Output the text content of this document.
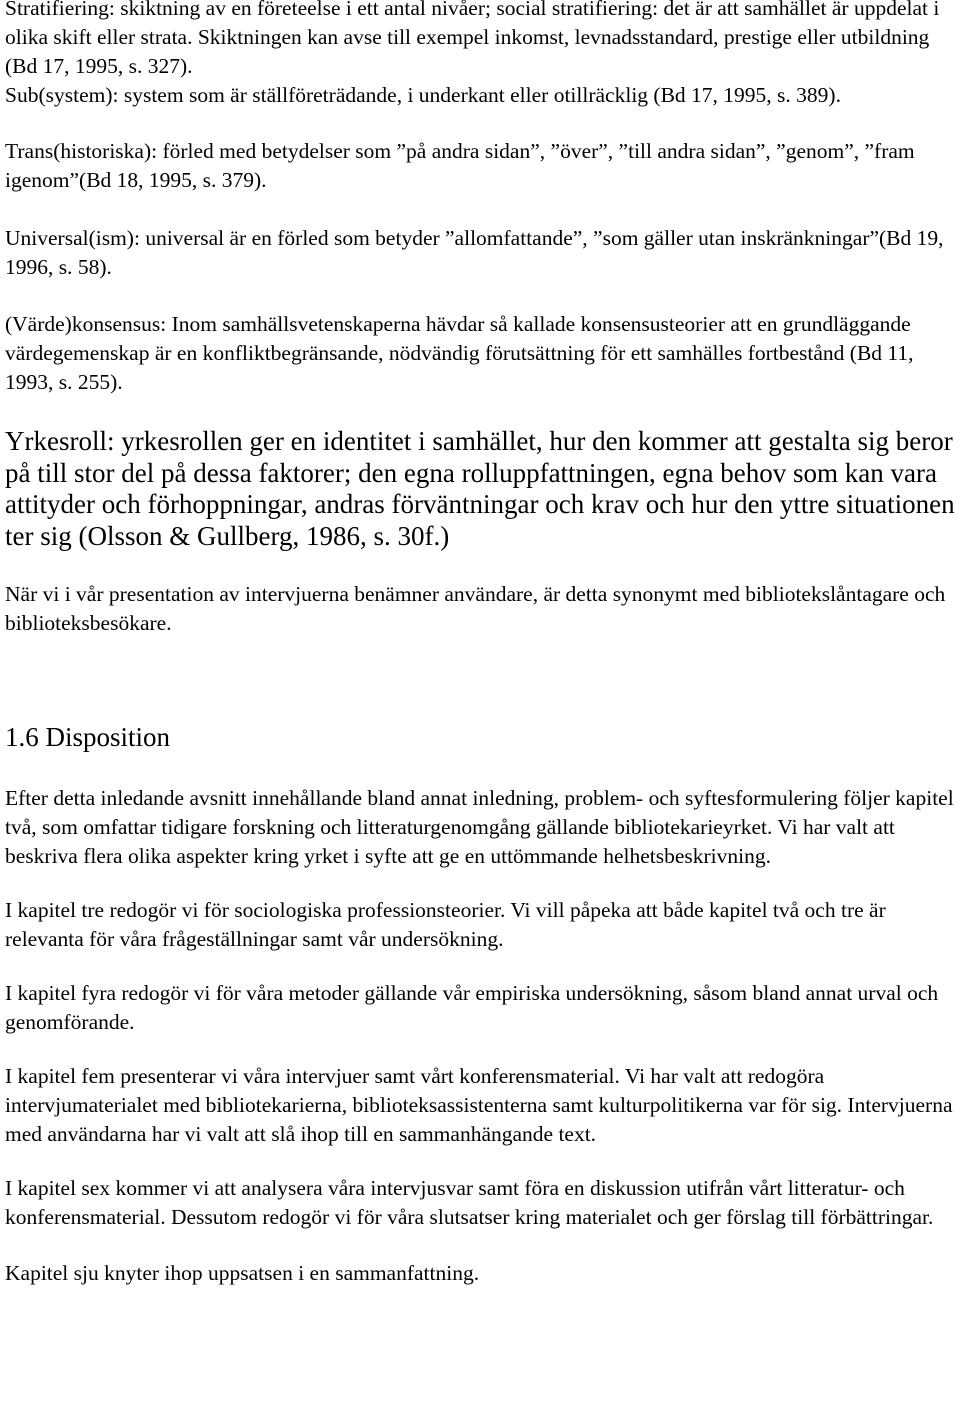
Stratifiering: skiktning av en företeelse i ett antal nivåer; social stratifiering: det är att samhället är uppdelat i olika skift eller strata. Skiktningen kan avse till exempel inkomst, levnadsstandard, prestige eller utbildning (Bd 17, 1995, s. 327).

Sub(system): system som är ställföreträdande, i underkant eller otillräcklig (Bd 17, 1995, s. 389).

Trans(historiska): förled med betydelser som ”på andra sidan”, ”över”, ”till andra sidan”, ”genom”, ”fram igenom”(Bd 18, 1995, s. 379).

Universal(ism): universal är en förled som betyder ”allomfattande”, ”som gäller utan inskränkningar”(Bd 19, 1996, s. 58).

(Värde)konsensus: Inom samhällsvetenskaperna hävdar så kallade konsensusteorier att en grundläggande värdegemenskap är en konfliktbegränsande, nödvändig förutsättning för ett samhälles fortbestånd (Bd 11, 1993, s. 255).

Yrkesroll: yrkesrollen ger en identitet i samhället, hur den kommer att gestalta sig beror på till stor del på dessa faktorer; den egna rolluppfattningen, egna behov som kan vara attityder och förhoppningar, andras förväntningar och krav och hur den yttre situationen ter sig (Olsson & Gullberg, 1986, s. 30f.)

När vi i vår presentation av intervjuerna benämner användare, är detta synonymt med bibliotekslåntagare och biblioteksbesökare.

1.6 Disposition

Efter detta inledande avsnitt innehållande bland annat inledning, problem- och syftesformulering följer kapitel två, som omfattar tidigare forskning och litteraturgenomgång gällande bibliotekarieyrket. Vi har valt att beskriva flera olika aspekter kring yrket i syfte att ge en uttömmande helhetsbeskrivning.

I kapitel tre redogör vi för sociologiska professionsteorier. Vi vill påpeka att både kapitel två och tre är relevanta för våra frågeställningar samt vår undersökning.

I kapitel fyra redogör vi för våra metoder gällande vår empiriska undersökning, såsom bland annat urval och genomförande.

I kapitel fem presenterar vi våra intervjuer samt vårt konferensmaterial. Vi har valt att redogöra intervjumaterialet med bibliotekarierna, biblioteksassistenterna samt kulturpolitikerna var för sig. Intervjuerna med användarna har vi valt att slå ihop till en sammanhängande text.

I kapitel sex kommer vi att analysera våra intervjusvar samt föra en diskussion utifrån vårt litteratur- och konferensmaterial. Dessutom redogör vi för våra slutsatser kring materialet och ger förslag till förbättringar.

Kapitel sju knyter ihop uppsatsen i en sammanfattning.
